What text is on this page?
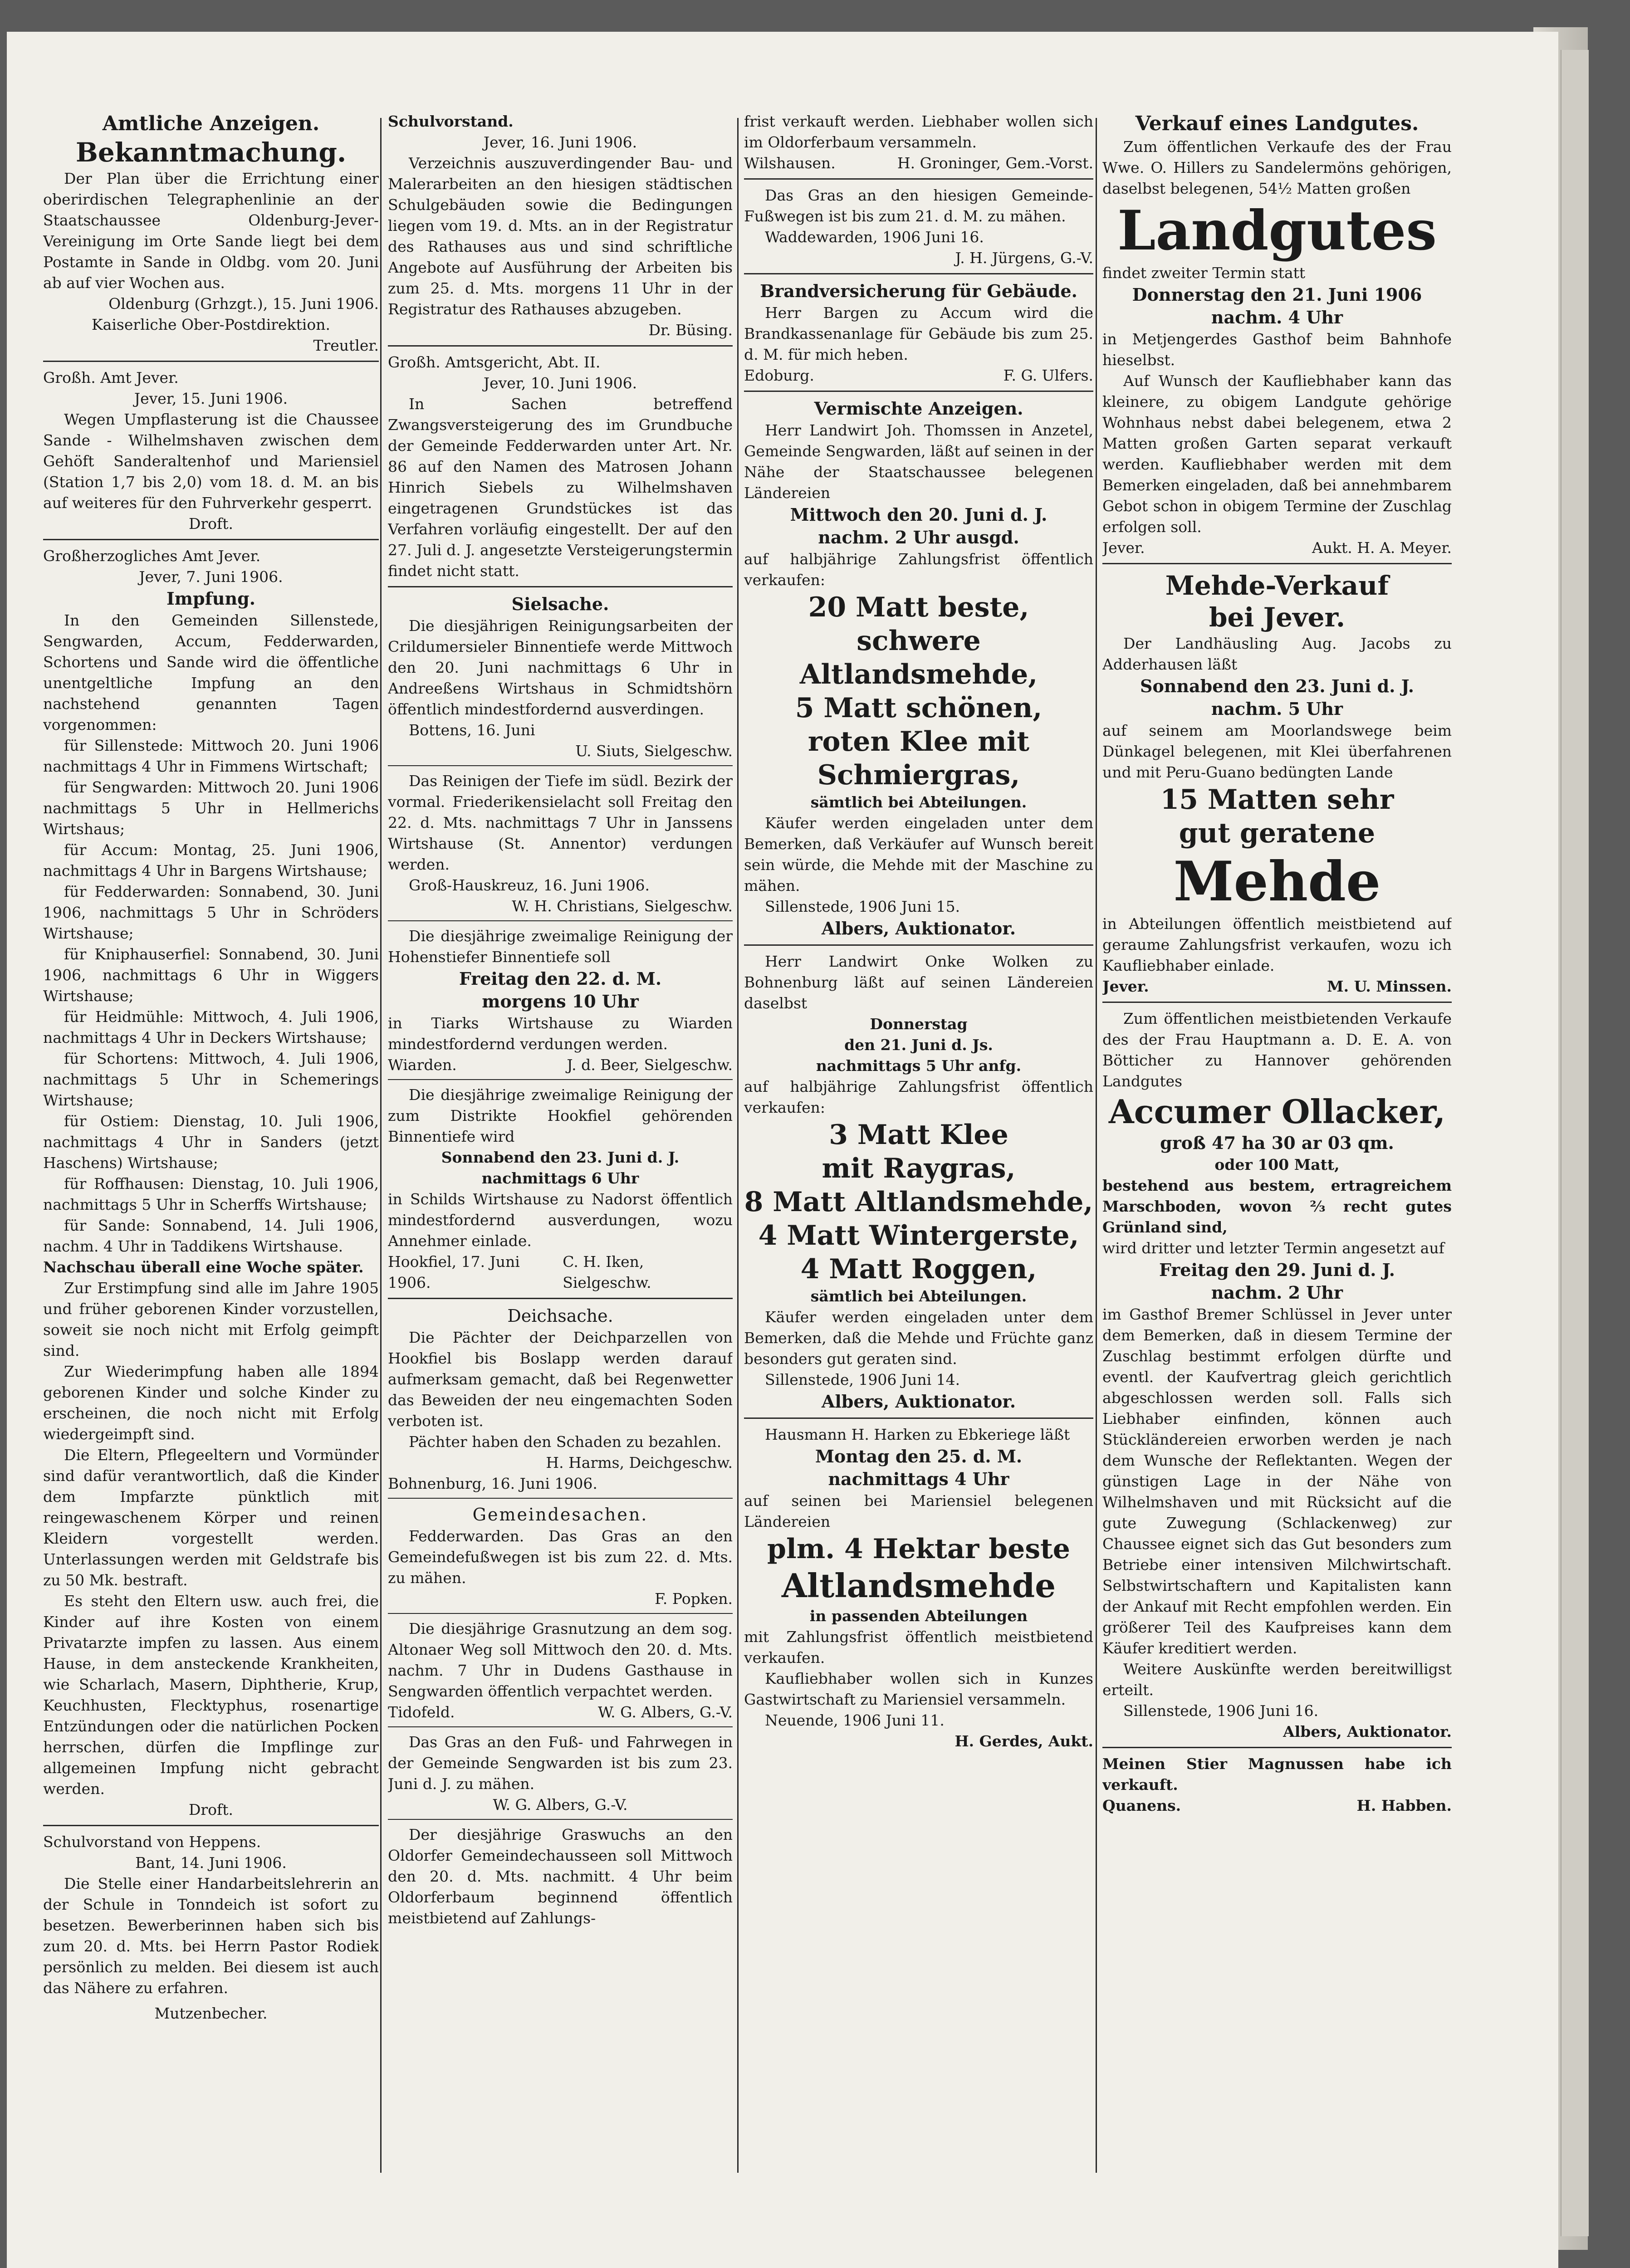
Amtliche Anzeigen.

Bekanntmachung.

Der Plan über die Errichtung einer oberirdischen Telegraphenlinie an der Staatschaussee Oldenburg-Jever-Vereinigung im Orte Sande liegt bei dem Postamte in Sande in Oldbg. vom 20. Juni ab auf vier Wochen aus.

Oldenburg (Grhzgt.), 15. Juni 1906.

Kaiserliche Ober-Postdirektion.

Treutler.

Großh. Amt Jever.

Jever, 15. Juni 1906.

Wegen Umpflasterung ist die Chaussee Sande - Wilhelmshaven zwischen dem Gehöft Sanderaltenhof und Mariensiel (Station 1,7 bis 2,0) vom 18. d. M. an bis auf weiteres für den Fuhrverkehr gesperrt.

Droft.

Großherzogliches Amt Jever.

Jever, 7. Juni 1906.

Impfung.

In den Gemeinden Sillenstede, Sengwarden, Accum, Fedderwarden, Schortens und Sande wird die öffentliche unentgeltliche Impfung an den nachstehend genannten Tagen vorgenommen:

für Sillenstede: Mittwoch 20. Juni 1906 nachmittags 4 Uhr in Fimmens Wirtschaft;

für Sengwarden: Mittwoch 20. Juni 1906 nachmittags 5 Uhr in Hellmerichs Wirtshaus;

für Accum: Montag, 25. Juni 1906, nachmittags 4 Uhr in Bargens Wirtshause;

für Fedderwarden: Sonnabend, 30. Juni 1906, nachmittags 5 Uhr in Schröders Wirtshause;

für Kniphauserfiel: Sonnabend, 30. Juni 1906, nachmittags 6 Uhr in Wiggers Wirtshause;

für Heidmühle: Mittwoch, 4. Juli 1906, nachmittags 4 Uhr in Deckers Wirtshause;

für Schortens: Mittwoch, 4. Juli 1906, nachmittags 5 Uhr in Schemerings Wirtshause;

für Ostiem: Dienstag, 10. Juli 1906, nachmittags 4 Uhr in Sanders (jetzt Haschens) Wirtshause;

für Roffhausen: Dienstag, 10. Juli 1906, nachmittags 5 Uhr in Scherffs Wirtshause;

für Sande: Sonnabend, 14. Juli 1906, nachm. 4 Uhr in Taddikens Wirtshause.

Nachschau überall eine Woche später.

Zur Erstimpfung sind alle im Jahre 1905 und früher geborenen Kinder vorzustellen, soweit sie noch nicht mit Erfolg geimpft sind.

Zur Wiederimpfung haben alle 1894 geborenen Kinder und solche Kinder zu erscheinen, die noch nicht mit Erfolg wiedergeimpft sind.

Die Eltern, Pflegeeltern und Vormünder sind dafür verantwortlich, daß die Kinder dem Impfarzte pünktlich mit reingewaschenem Körper und reinen Kleidern vorgestellt werden. Unterlassungen werden mit Geldstrafe bis zu 50 Mk. bestraft.

Es steht den Eltern usw. auch frei, die Kinder auf ihre Kosten von einem Privatarzte impfen zu lassen. Aus einem Hause, in dem ansteckende Krankheiten, wie Scharlach, Masern, Diphtherie, Krup, Keuchhusten, Flecktyphus, rosenartige Entzündungen oder die natürlichen Pocken herrschen, dürfen die Impflinge zur allgemeinen Impfung nicht gebracht werden.

Droft.

Schulvorstand von Heppens.

Bant, 14. Juni 1906.

Die Stelle einer Handarbeitslehrerin an der Schule in Tonndeich ist sofort zu besetzen. Bewerberinnen haben sich bis zum 20. d. Mts. bei Herrn Pastor Rodiek persönlich zu melden. Bei diesem ist auch das Nähere zu erfahren.

Mutzenbecher.

Schulvorstand.

Jever, 16. Juni 1906.

Verzeichnis auszuverdingender Bau- und Malerarbeiten an den hiesigen städtischen Schulgebäuden sowie die Bedingungen liegen vom 19. d. Mts. an in der Registratur des Rathauses aus und sind schriftliche Angebote auf Ausführung der Arbeiten bis zum 25. d. Mts. morgens 11 Uhr in der Registratur des Rathauses abzugeben.

Dr. Büsing.

Großh. Amtsgericht, Abt. II.

Jever, 10. Juni 1906.

In Sachen betreffend Zwangsversteigerung des im Grundbuche der Gemeinde Fedderwarden unter Art. Nr. 86 auf den Namen des Matrosen Johann Hinrich Siebels zu Wilhelmshaven eingetragenen Grundstückes ist das Verfahren vorläufig eingestellt. Der auf den 27. Juli d. J. angesetzte Versteigerungstermin findet nicht statt.

Sielsache.

Die diesjährigen Reinigungsarbeiten der Crildumersieler Binnentiefe werde Mittwoch den 20. Juni nachmittags 6 Uhr in Andreeßens Wirtshaus in Schmidtshörn öffentlich mindestfordernd ausverdingen.

Bottens, 16. Juni

U. Siuts, Sielgeschw.

Das Reinigen der Tiefe im südl. Bezirk der vormal. Friederikensielacht soll Freitag den 22. d. Mts. nachmittags 7 Uhr in Janssens Wirtshause (St. Annentor) verdungen werden.

Groß-Hauskreuz, 16. Juni 1906.

W. H. Christians, Sielgeschw.

Die diesjährige zweimalige Reinigung der Hohenstiefer Binnentiefe soll

Freitag den 22. d. M.

morgens 10 Uhr

in Tiarks Wirtshause zu Wiarden mindestfordernd verdungen werden.

Wiarden.	J. d. Beer, Sielgeschw.

Die diesjährige zweimalige Reinigung der zum Distrikte Hookfiel gehörenden Binnentiefe wird

Sonnabend den 23. Juni d. J.

nachmittags 6 Uhr

in Schilds Wirtshause zu Nadorst öffentlich mindestfordernd ausverdungen, wozu Annehmer einlade.

Hookfiel, 17. Juni 1906.
C. H. Iken, Sielgeschw.

Deichsache.

Die Pächter der Deichparzellen von Hookfiel bis Boslapp werden darauf aufmerksam gemacht, daß bei Regenwetter das Beweiden der neu eingemachten Soden verboten ist.

Pächter haben den Schaden zu bezahlen.

H. Harms, Deichgeschw.

Bohnenburg, 16. Juni 1906.

Gemeindesachen.

Fedderwarden. Das Gras an den Gemeindefußwegen ist bis zum 22. d. Mts. zu mähen.

F. Popken.

Die diesjährige Grasnutzung an dem sog. Altonaer Weg soll Mittwoch den 20. d. Mts. nachm. 7 Uhr in Dudens Gasthause in Sengwarden öffentlich verpachtet werden.

Tidofeld.	W. G. Albers, G.-V.

Das Gras an den Fuß- und Fahrwegen in der Gemeinde Sengwarden ist bis zum 23. Juni d. J. zu mähen.

W. G. Albers, G.-V.

Der diesjährige Graswuchs an den Oldorfer Gemeindechausseen soll Mittwoch den 20. d. Mts. nachmitt. 4 Uhr beim Oldorferbaum beginnend öffentlich meistbietend auf Zahlungs-

frist verkauft werden. Liebhaber wollen sich im Oldorferbaum versammeln.

Wilshausen.	H. Groninger, Gem.-Vorst.

Das Gras an den hiesigen Gemeinde-Fußwegen ist bis zum 21. d. M. zu mähen.

Waddewarden, 1906 Juni 16.

J. H. Jürgens, G.-V.

Brandversicherung für Gebäude.

Herr Bargen zu Accum wird die Brandkassenanlage für Gebäude bis zum 25. d. M. für mich heben.

Edoburg.	F. G. Ulfers.

Vermischte Anzeigen.

Herr Landwirt Joh. Thomssen in Anzetel, Gemeinde Sengwarden, läßt auf seinen in der Nähe der Staatschaussee belegenen Ländereien

Mittwoch den 20. Juni d. J.

nachm. 2 Uhr ausgd.

auf halbjährige Zahlungsfrist öffentlich verkaufen:

20 Matt beste,

schwere Altlandsmehde,

5 Matt schönen,

roten Klee mit

Schmiergras,

sämtlich bei Abteilungen.

Käufer werden eingeladen unter dem Bemerken, daß Verkäufer auf Wunsch bereit sein würde, die Mehde mit der Maschine zu mähen.

Sillenstede, 1906 Juni 15.

Albers, Auktionator.

Herr Landwirt Onke Wolken zu Bohnenburg läßt auf seinen Ländereien daselbst

Donnerstag

den 21. Juni d. Js.

nachmittags 5 Uhr anfg.

auf halbjährige Zahlungsfrist öffentlich verkaufen:

3 Matt Klee

mit Raygras,

8 Matt Altlandsmehde,

4 Matt Wintergerste,

4 Matt Roggen,

sämtlich bei Abteilungen.

Käufer werden eingeladen unter dem Bemerken, daß die Mehde und Früchte ganz besonders gut geraten sind.

Sillenstede, 1906 Juni 14.

Albers, Auktionator.

Hausmann H. Harken zu Ebkeriege läßt

Montag den 25. d. M.

nachmittags 4 Uhr

auf seinen bei Mariensiel belegenen Ländereien

plm. 4 Hektar beste

Altlandsmehde

in passenden Abteilungen

mit Zahlungsfrist öffentlich meistbietend verkaufen.

Kaufliebhaber wollen sich in Kunzes Gastwirtschaft zu Mariensiel versammeln.

Neuende, 1906 Juni 11.

H. Gerdes, Aukt.

Verkauf eines Landgutes.

Zum öffentlichen Verkaufe des der Frau Wwe. O. Hillers zu Sandelermöns gehörigen, daselbst belegenen, 54½ Matten großen

Landgutes

findet zweiter Termin statt

Donnerstag den 21. Juni 1906

nachm. 4 Uhr

in Metjengerdes Gasthof beim Bahnhofe hieselbst.

Auf Wunsch der Kaufliebhaber kann das kleinere, zu obigem Landgute gehörige Wohnhaus nebst dabei belegenem, etwa 2 Matten großen Garten separat verkauft werden. Kaufliebhaber werden mit dem Bemerken eingeladen, daß bei annehmbarem Gebot schon in obigem Termine der Zuschlag erfolgen soll.

Jever.	Aukt. H. A. Meyer.

Mehde-Verkauf

bei Jever.

Der Landhäusling Aug. Jacobs zu Adderhausen läßt

Sonnabend den 23. Juni d. J.

nachm. 5 Uhr

auf seinem am Moorlandswege beim Dünkagel belegenen, mit Klei überfahrenen und mit Peru-Guano bedüngten Lande

15 Matten sehr

gut geratene

Mehde

in Abteilungen öffentlich meistbietend auf geraume Zahlungsfrist verkaufen, wozu ich Kaufliebhaber einlade.

Jever.	M. U. Minssen.

Zum öffentlichen meistbietenden Verkaufe des der Frau Hauptmann a. D. E. A. von Bötticher zu Hannover gehörenden Landgutes

Accumer Ollacker,

groß 47 ha 30 ar 03 qm.

oder 100 Matt,

bestehend aus bestem, ertragreichem Marschboden, wovon ⅔ recht gutes Grünland sind,

wird dritter und letzter Termin angesetzt auf

Freitag den 29. Juni d. J.

nachm. 2 Uhr

im Gasthof Bremer Schlüssel in Jever unter dem Bemerken, daß in diesem Termine der Zuschlag bestimmt erfolgen dürfte und eventl. der Kaufvertrag gleich gerichtlich abgeschlossen werden soll. Falls sich Liebhaber einfinden, können auch Stückländereien erworben werden je nach dem Wunsche der Reflektanten. Wegen der günstigen Lage in der Nähe von Wilhelmshaven und mit Rücksicht auf die gute Zuwegung (Schlackenweg) zur Chaussee eignet sich das Gut besonders zum Betriebe einer intensiven Milchwirtschaft. Selbstwirtschaftern und Kapitalisten kann der Ankauf mit Recht empfohlen werden. Ein größerer Teil des Kaufpreises kann dem Käufer kreditiert werden.

Weitere Auskünfte werden bereitwilligst erteilt.

Sillenstede, 1906 Juni 16.

Albers, Auktionator.

Meinen Stier Magnussen habe ich verkauft.

Quanens.	H. Habben.
